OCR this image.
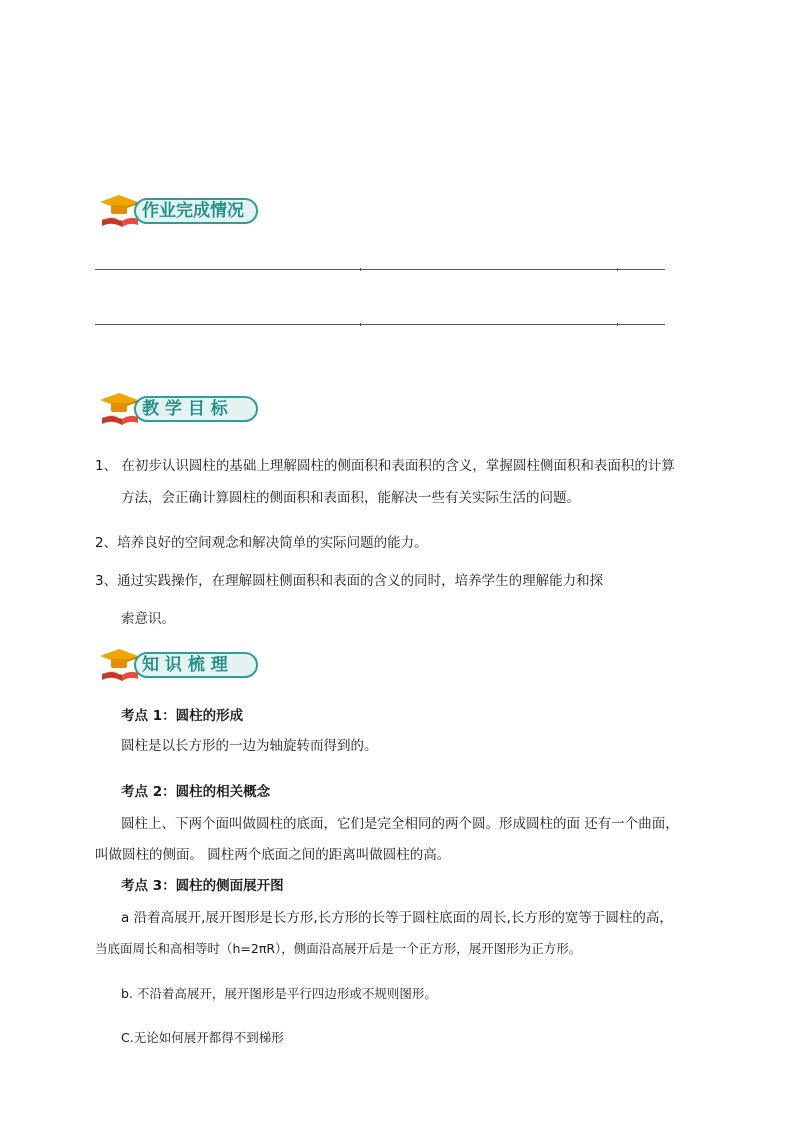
作业完成情况
教 学 目 标
1、 在初步认识圆柱的基础上理解圆柱的侧面积和表面积的含义，掌握圆柱侧面积和表面积的计算
方法，会正确计算圆柱的侧面积和表面积，能解决一些有关实际生活的问题。
2、培养良好的空间观念和解决简单的实际问题的能力。
3、通过实践操作，在理解圆柱侧面积和表面的含义的同时，培养学生的理解能力和探
索意识。
知 识 梳 理
考点 1：圆柱的形成
圆柱是以长方形的一边为轴旋转而得到的。
考点 2：圆柱的相关概念
圆柱上、下两个面叫做圆柱的底面，它们是完全相同的两个圆。形成圆柱的面 还有一个曲面，
叫做圆柱的侧面。 圆柱两个底面之间的距离叫做圆柱的高。
考点 3：圆柱的侧面展开图
a 沿着高展开,展开图形是长方形,长方形的长等于圆柱底面的周长,长方形的宽等于圆柱的高，
当底面周长和高相等时（h=2πR），侧面沿高展开后是一个正方形，展开图形为正方形。
b. 不沿着高展开，展开图形是平行四边形或不规则图形。
C.无论如何展开都得不到梯形
